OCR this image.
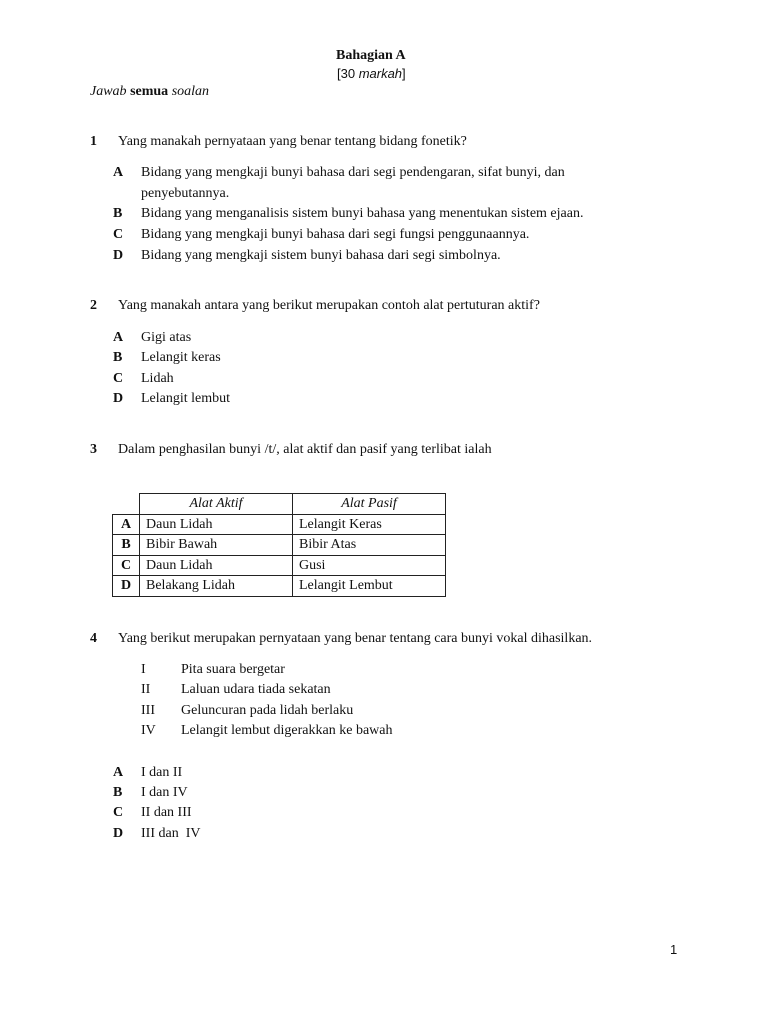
Bahagian A
[30 markah]
Jawab semua soalan
1 Yang manakah pernyataan yang benar tentang bidang fonetik?
A Bidang yang mengkaji bunyi bahasa dari segi pendengaran, sifat bunyi, dan
penyebutannya.
B Bidang yang menganalisis sistem bunyi bahasa yang menentukan sistem ejaan.
C Bidang yang mengkaji bunyi bahasa dari segi fungsi penggunaannya.
D Bidang yang mengkaji sistem bunyi bahasa dari segi simbolnya.
2 Yang manakah antara yang berikut merupakan contoh alat pertuturan aktif?
A Gigi atas
B Lelangit keras
C Lidah
D Lelangit lembut
3 Dalam penghasilan bunyi /t/, alat aktif dan pasif yang terlibat ialah
	Alat Aktif	Alat Pasif
A	Daun Lidah	Lelangit Keras
B	Bibir Bawah	Bibir Atas
C	Daun Lidah	Gusi
D	Belakang Lidah	Lelangit Lembut
4 Yang berikut merupakan pernyataan yang benar tentang cara bunyi vokal dihasilkan.
I	Pita suara bergetar
II Laluan udara tiada sekatan
III Geluncuran pada lidah berlaku
IV Lelangit lembut digerakkan ke bawah
A I dan II
B I dan IV
C II dan III
D III dan  IV
1
